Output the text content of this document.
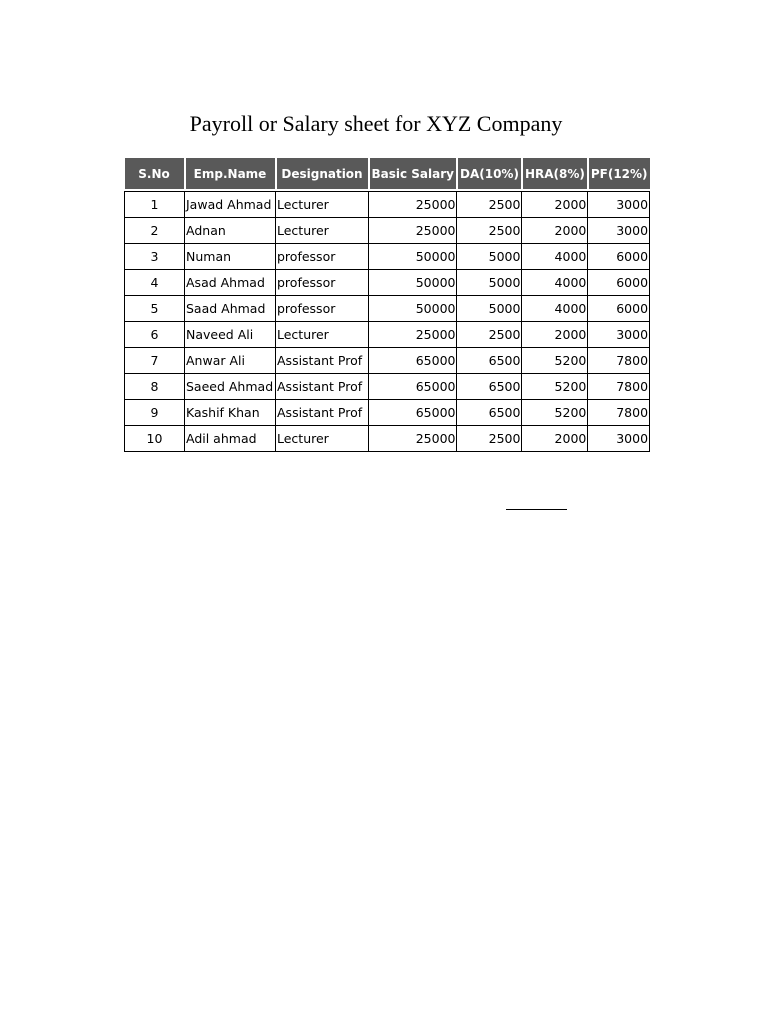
Payroll or Salary sheet for XYZ Company
S.No	Emp.Name	Designation	Basic Salary	DA(10%)	HRA(8%)	PF(12%)

1	Jawad Ahmad	Lecturer	25000	2500	2000	3000
2	Adnan	Lecturer	25000	2500	2000	3000
3	Numan	professor	50000	5000	4000	6000
4	Asad Ahmad	professor	50000	5000	4000	6000
5	Saad Ahmad	professor	50000	5000	4000	6000
6	Naveed Ali	Lecturer	25000	2500	2000	3000
7	Anwar Ali	Assistant Prof	65000	6500	5200	7800
8	Saeed Ahmad	Assistant Prof	65000	6500	5200	7800
9	Kashif Khan	Assistant Prof	65000	6500	5200	7800
10	Adil ahmad	Lecturer	25000	2500	2000	3000
